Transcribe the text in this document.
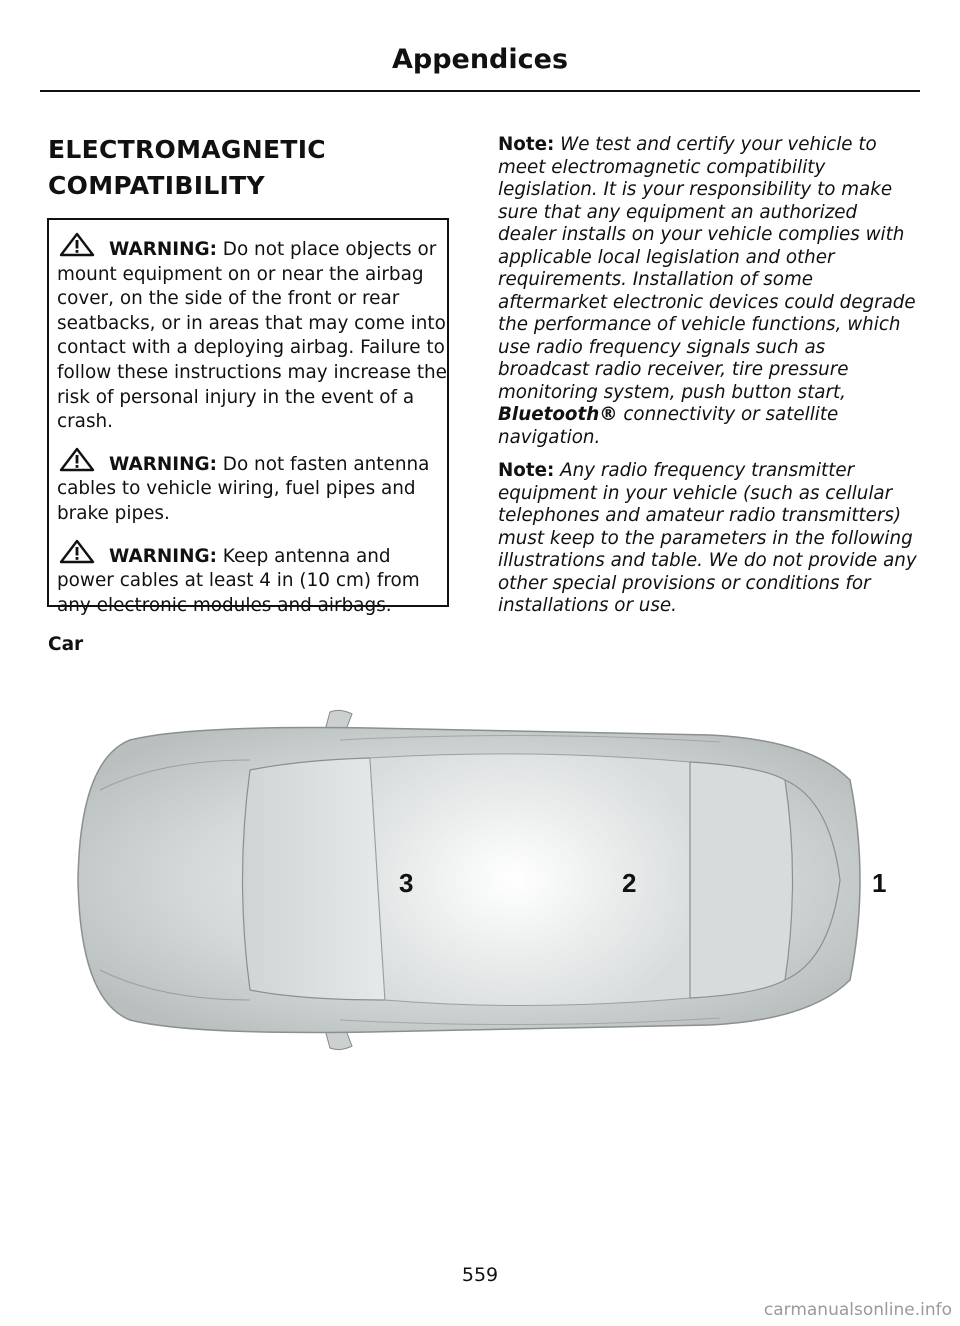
Appendices
ELECTROMAGNETIC
COMPATIBILITY
WARNING: Do not place objects or mount equipment on or near the airbag cover, on the side of the front or rear seatbacks, or in areas that may come into contact with a deploying airbag. Failure to follow these instructions may increase the risk of personal injury in the event of a crash.
WARNING: Do not fasten antenna cables to vehicle wiring, fuel pipes and brake pipes.
WARNING: Keep antenna and power cables at least 4 in (10 cm) from any electronic modules and airbags.

Note: We test and certify your vehicle to meet electromagnetic compatibility legislation. It is your responsibility to make sure that any equipment an authorized dealer installs on your vehicle complies with applicable local legislation and other requirements. Installation of some aftermarket electronic devices could degrade the performance of vehicle functions, which use radio frequency signals such as broadcast radio receiver, tire pressure monitoring system, push button start, Bluetooth® connectivity or satellite navigation.

Note: Any radio frequency transmitter equipment in your vehicle (such as cellular telephones and amateur radio transmitters) must keep to the parameters in the following illustrations and table. We do not provide any other special provisions or conditions for installations or use.

Car
1
2
3
559
carmanualsonline.info
